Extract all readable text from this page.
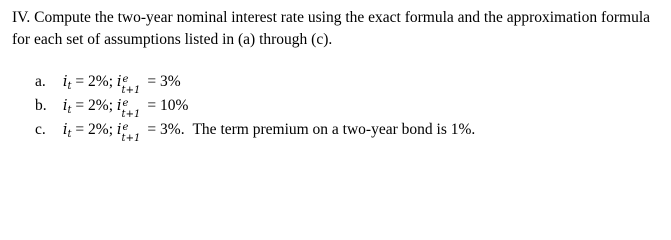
IV. Compute the two-year nominal interest rate using the exact formula and the approximation formula for each set of assumptions listed in (a) through (c).
a. $i_t = 2\%$; i e
t+1
= 3%
b. $i_t = 2\%$; i e
t+1
= 10%
c. $i_t = 2\%$; i e
t+1
= 3%. The term premium on a two-year bond is 1%.
